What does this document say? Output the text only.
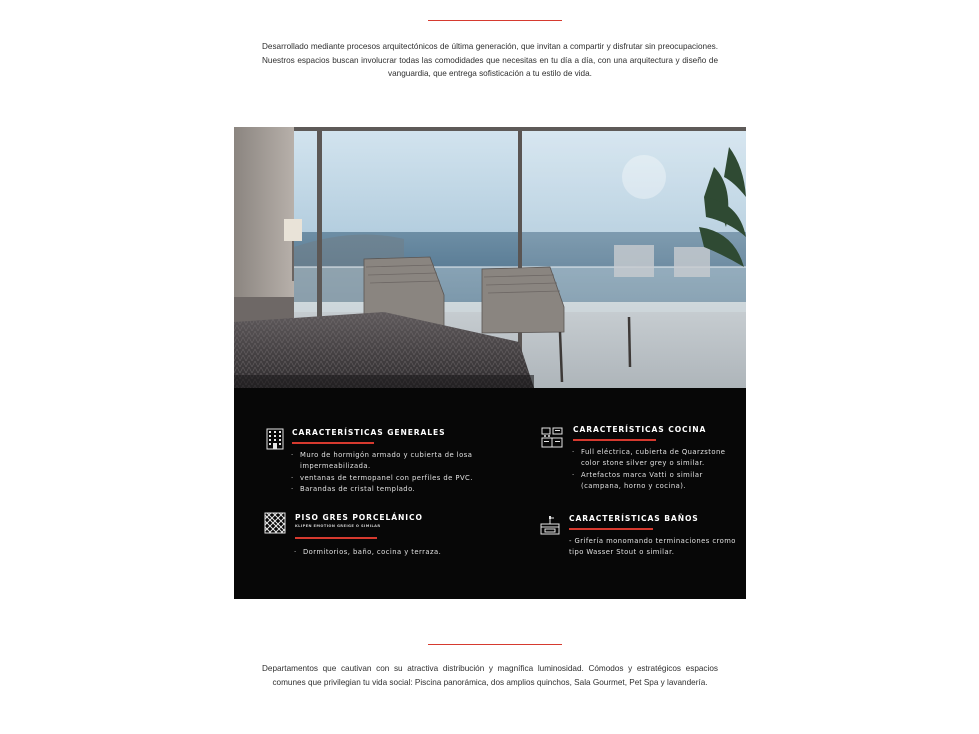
Desarrollado mediante procesos arquitectónicos de última generación, que invitan a compartir y disfrutar sin preocupaciones. Nuestros espacios buscan involucrar todas las comodidades que necesitas en tu día a día, con una arquitectura y diseño de vanguardia, que entrega sofisticación a tu estilo de vida.

CARACTERÍSTICAS GENERALES
· Muro de hormigón armado y cubierta de losa impermeabilizada.
· ventanas de termopanel con perfiles de PVC.
· Barandas de cristal templado.
PISO GRES PORCELÁNICO
KLIPEN EMOTION GREIGE O SIMILAR
· Dormitorios, baño, cocina y terraza.
CARACTERÍSTICAS COCINA
· Full eléctrica, cubierta de Quarzstone color stone silver grey o similar.
· Artefactos marca Vatti o similar (campana, horno y cocina).
CARACTERÍSTICAS BAÑOS
- Grifería monomando terminaciones cromo tipo Wasser Stout o similar.

Departamentos que cautivan con su atractiva distribución y magnífica luminosidad. Cómodos y estratégicos espacios comunes que privilegian tu vida social: Piscina panorámica, dos amplios quinchos, Sala Gourmet, Pet Spa y lavandería.
